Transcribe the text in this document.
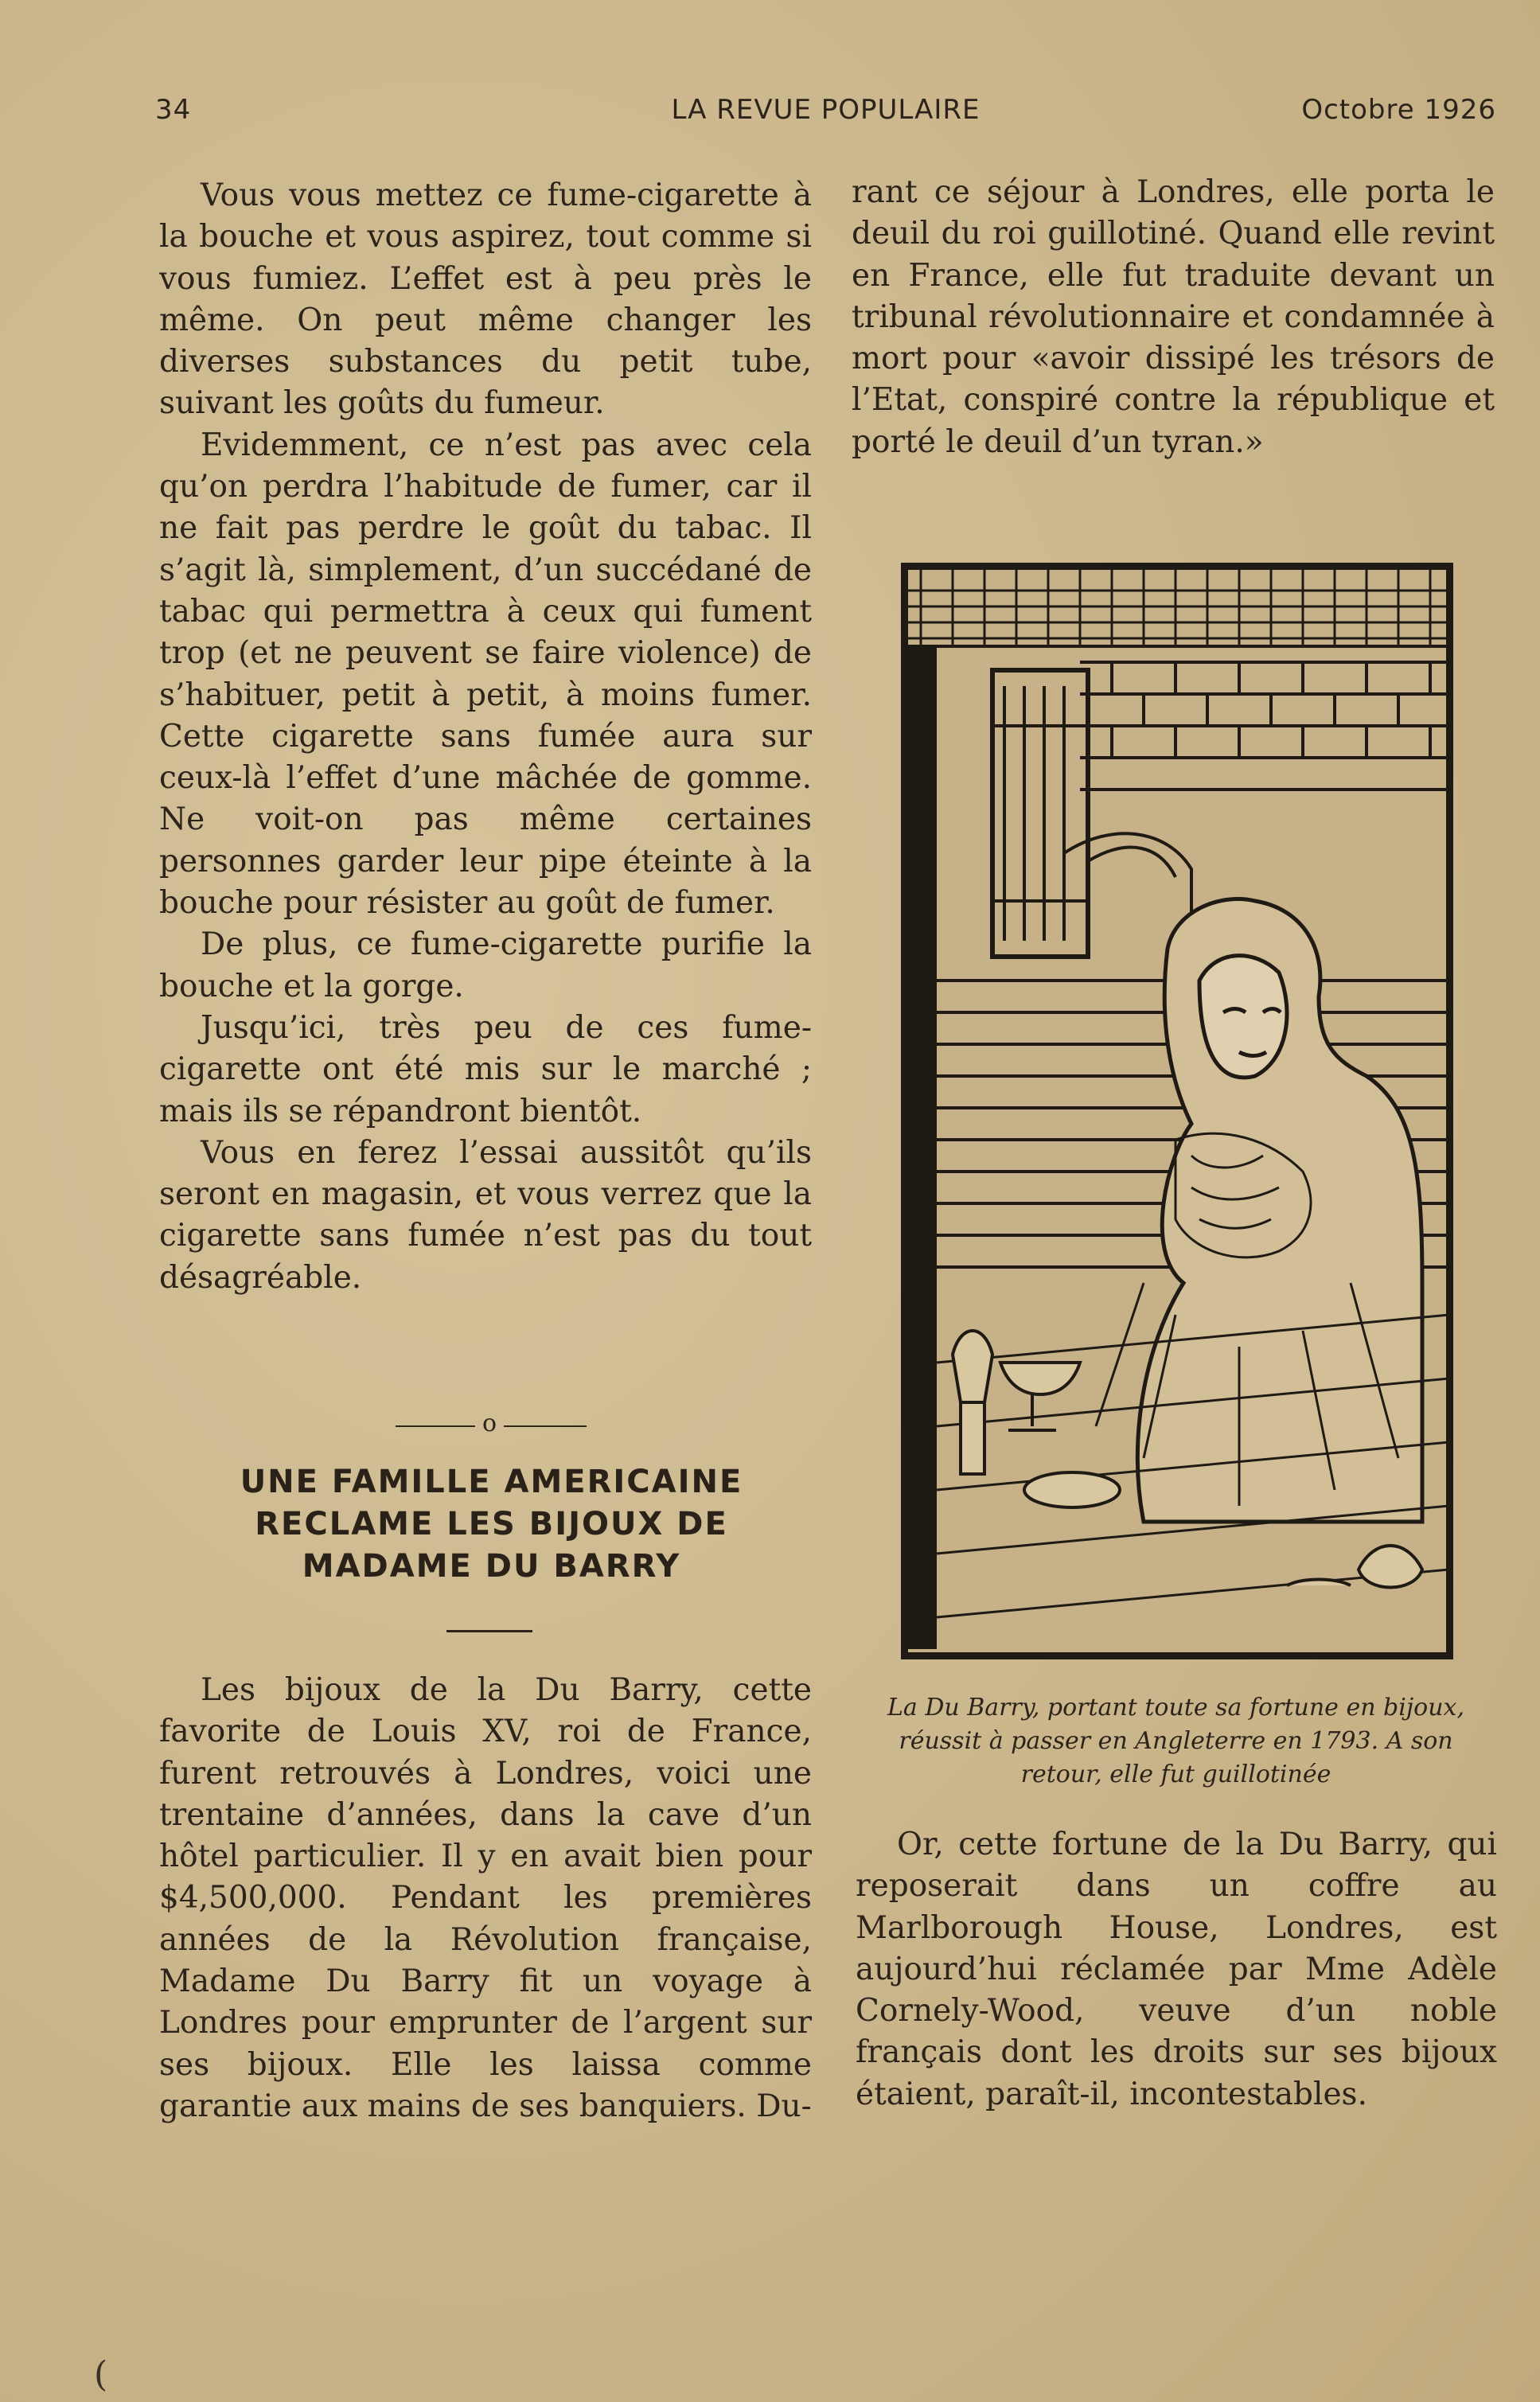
34	LA REVUE POPULAIRE	Octobre 1926

Vous vous mettez ce fume-cigarette à la bouche et vous aspirez, tout comme si vous fumiez. L’effet est à peu près le même. On peut même changer les diverses substances du petit tube, suivant les goûts du fumeur.

Evidemment, ce n’est pas avec cela qu’on perdra l’habitude de fumer, car il ne fait pas perdre le goût du tabac. Il s’agit là, simplement, d’un succédané de tabac qui permettra à ceux qui fument trop (et ne peuvent se faire violence) de s’habituer, petit à petit, à moins fumer. Cette cigarette sans fumée aura sur ceux-là l’effet d’une mâchée de gomme. Ne voit-on pas même certaines personnes garder leur pipe éteinte à la bouche pour résister au goût de fumer.

De plus, ce fume-cigarette purifie la bouche et la gorge.

Jusqu’ici, très peu de ces fume-cigarette ont été mis sur le marché ; mais ils se répandront bientôt.

Vous en ferez l’essai aussitôt qu’ils seront en magasin, et vous verrez que la cigarette sans fumée n’est pas du tout désagréable.

o
UNE FAMILLE AMERICAINE
RECLAME LES BIJOUX DE
MADAME DU BARRY

Les bijoux de la Du Barry, cette favorite de Louis XV, roi de France, furent retrouvés à Londres, voici une trentaine d’années, dans la cave d’un hôtel particulier. Il y en avait bien pour $4,500,000. Pendant les premières années de la Révolution française, Madame Du Barry fit un voyage à Londres pour emprunter de l’argent sur ses bijoux. Elle les laissa comme garantie aux mains de ses banquiers. Du-

rant ce séjour à Londres, elle porta le deuil du roi guillotiné. Quand elle revint en France, elle fut traduite devant un tribunal révolutionnaire et condamnée à mort pour «avoir dissipé les trésors de l’Etat, conspiré contre la république et porté le deuil d’un tyran.»

La Du Barry, portant toute sa fortune en bijoux,
réussit à passer en Angleterre en 1793. A son
retour, elle fut guillotinée

Or, cette fortune de la Du Barry, qui reposerait dans un coffre au Marlborough House, Londres, est aujourd’hui réclamée par Mme Adèle Cornely-Wood, veuve d’un noble français dont les droits sur ses bijoux étaient, paraît-il, incontestables.

(
